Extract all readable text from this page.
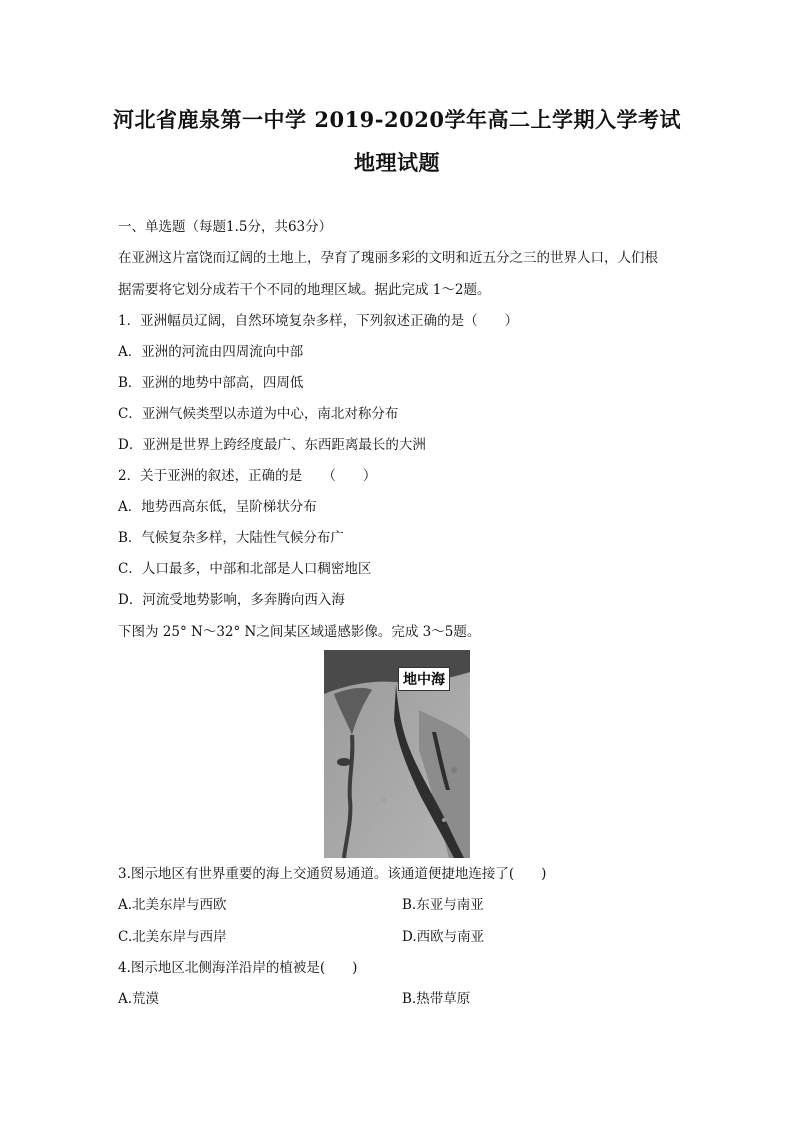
河北省鹿泉第一中学 2019-2020学年高二上学期入学考试
地理试题
一、单选题（每题1.5分，共63分）
在亚洲这片富饶而辽阔的土地上，孕育了瑰丽多彩的文明和近五分之三的世界人口，人们根
据需要将它划分成若干个不同的地理区域。据此完成 1～2题。
1．亚洲幅员辽阔，自然环境复杂多样，下列叙述正确的是（　　）
A．亚洲的河流由四周流向中部
B．亚洲的地势中部高，四周低
C．亚洲气候类型以赤道为中心，南北对称分布
D．亚洲是世界上跨经度最广、东西距离最长的大洲
2．关于亚洲的叙述，正确的是　　（　　）
A．地势西高东低，呈阶梯状分布
B．气候复杂多样，大陆性气候分布广
C．人口最多，中部和北部是人口稠密地区
D．河流受地势影响，多奔腾向西入海
下图为 25° N～32° N之间某区域遥感影像。完成 3～5题。
地中海
3.图示地区有世界重要的海上交通贸易通道。该通道便捷地连接了(　　)
A.北美东岸与西欧	B.东亚与南亚
C.北美东岸与西岸	D.西欧与南亚
4.图示地区北侧海洋沿岸的植被是(　　)
A.荒漠	B.热带草原
